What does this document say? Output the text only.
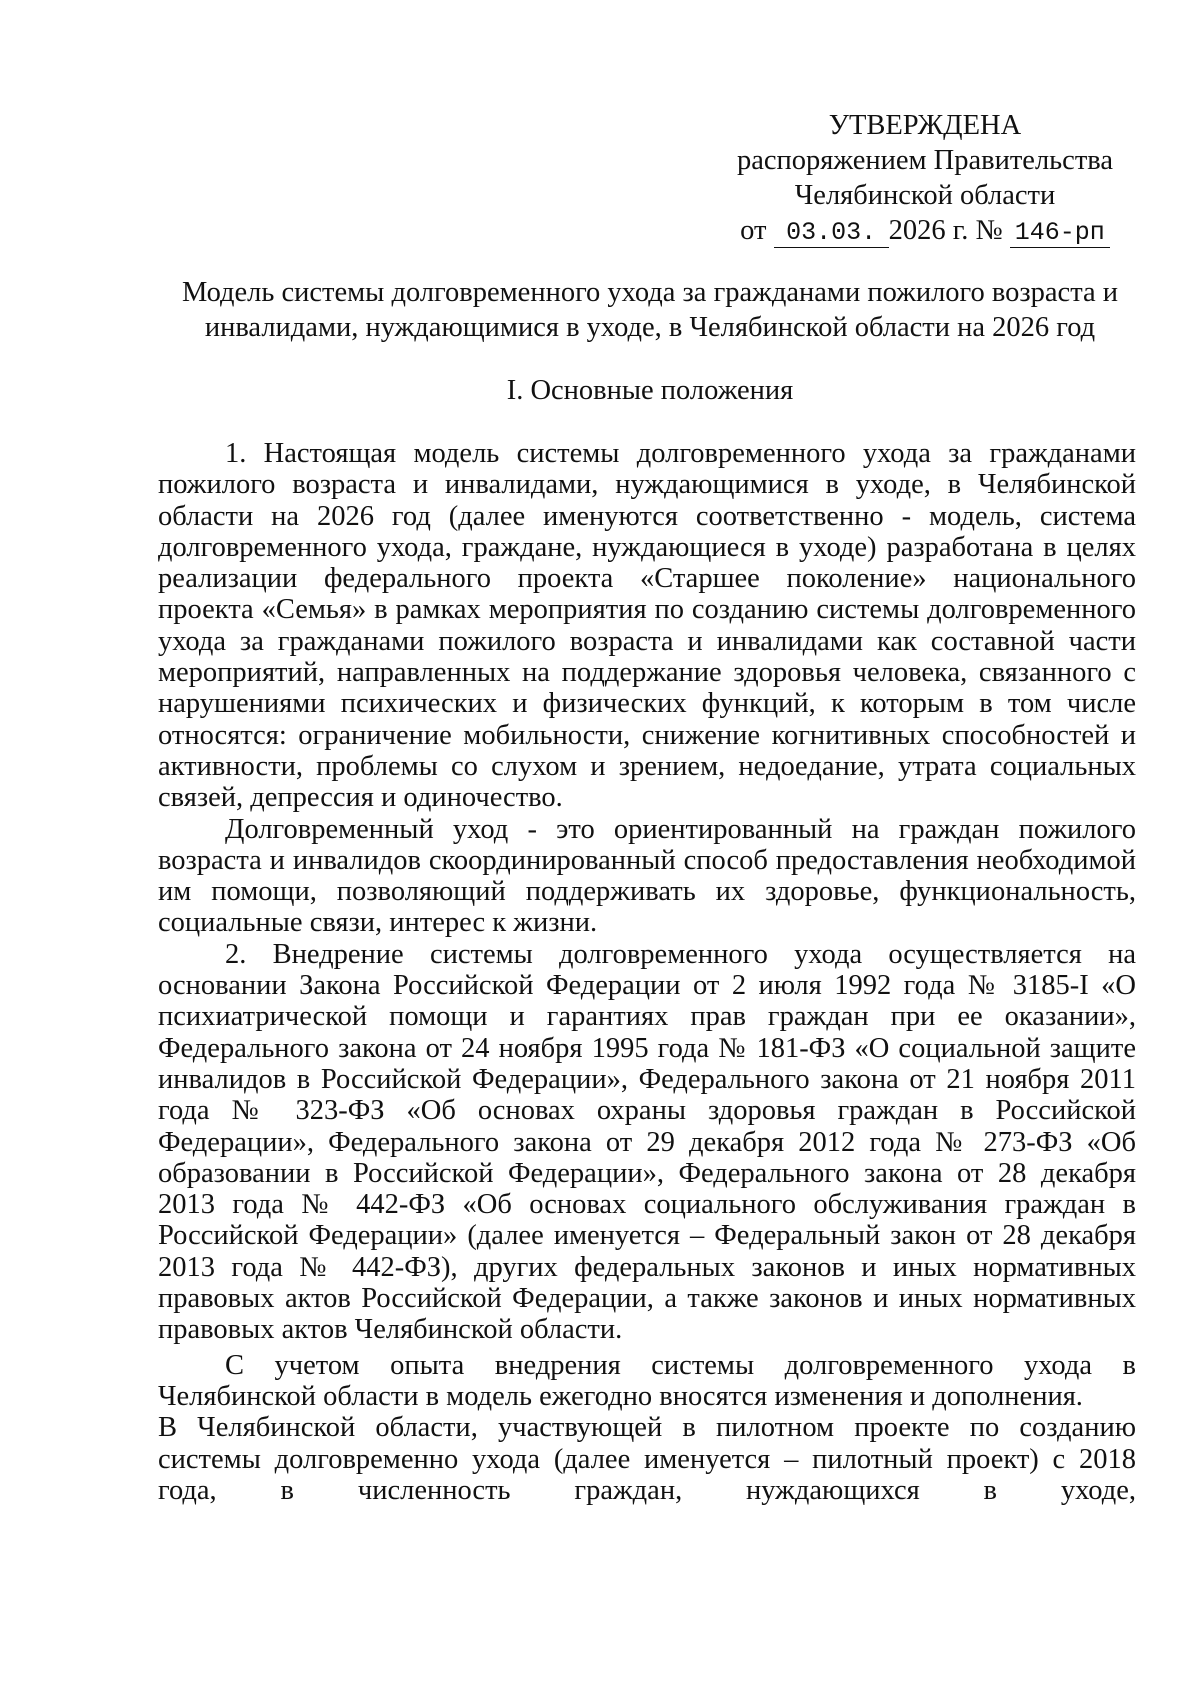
УТВЕРЖДЕНА
распоряжением Правительства
Челябинской области
от 03.03. 2026 г. № 146-рп
Модель системы долговременного ухода за гражданами пожилого возраста и инвалидами, нуждающимися в уходе, в Челябинской области на 2026 год
I. Основные положения

1. Настоящая модель системы долговременного ухода за гражданами пожилого возраста и инвалидами, нуждающимися в уходе, в Челябинской области на 2026 год (далее именуются соответственно - модель, система долговременного ухода, граждане, нуждающиеся в уходе) разработана в целях реализации федерального проекта «Старшее поколение» национального проекта «Семья» в рамках мероприятия по созданию системы долговременного ухода за гражданами пожилого возраста и инвалидами как составной части мероприятий, направленных на поддержание здоровья человека, связанного с нарушениями психических и физических функций, к которым в том числе относятся: ограничение мобильности, снижение когнитивных способностей и активности, проблемы со слухом и зрением, недоедание, утрата социальных связей, депрессия и одиночество.

Долговременный уход - это ориентированный на граждан пожилого возраста и инвалидов скоординированный способ предоставления необходимой им помощи, позволяющий поддерживать их здоровье, функциональность, социальные связи, интерес к жизни.

2. Внедрение системы долговременного ухода осуществляется на основании Закона Российской Федерации от 2 июля 1992 года № 3185-I «О психиатрической помощи и гарантиях прав граждан при ее оказании», Федерального закона от 24 ноября 1995 года № 181-ФЗ «О социальной защите инвалидов в Российской Федерации», Федерального закона от 21 ноября 2011 года № 323-ФЗ «Об основах охраны здоровья граждан в Российской Федерации», Федерального закона от 29 декабря 2012 года № 273-ФЗ «Об образовании в Российской Федерации», Федерального закона от 28 декабря 2013 года № 442-ФЗ «Об основах социального обслуживания граждан в Российской Федерации» (далее именуется – Федеральный закон от 28 декабря 2013 года № 442-ФЗ), других федеральных законов и иных нормативных правовых актов Российской Федерации, а также законов и иных нормативных правовых актов Челябинской области.

С учетом опыта внедрения системы долговременного ухода в Челябинской области в модель ежегодно вносятся изменения и дополнения.

В Челябинской области, участвующей в пилотном проекте по созданию системы долговременно ухода (далее именуется – пилотный проект) с 2018 года, в численность граждан, нуждающихся в уходе,
